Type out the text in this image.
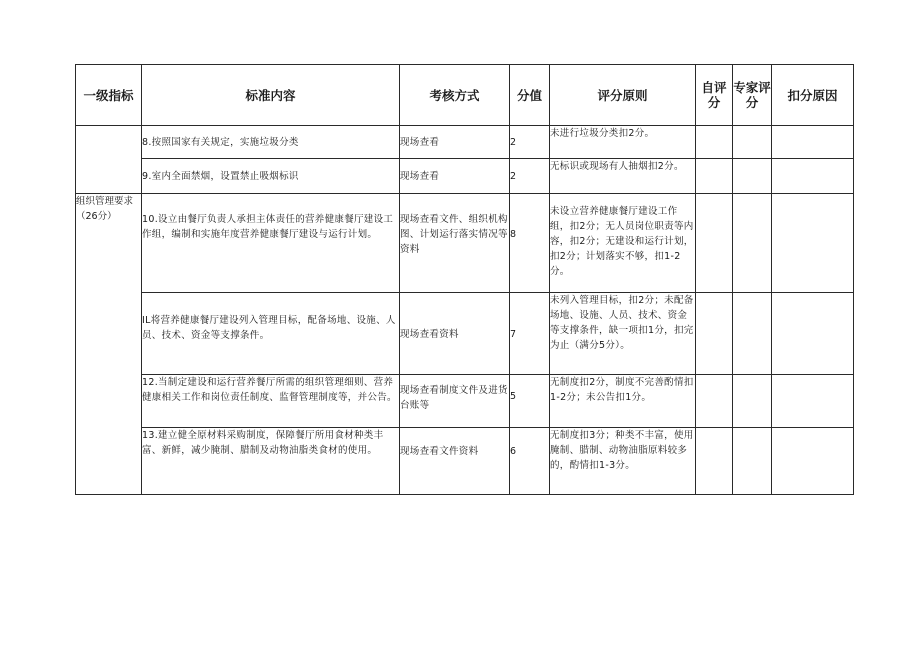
一级指标	标准内容	考核方式	分值	评分原则	自评分	专家评分	扣分原因
	8.按照国家有关规定，实施垃圾分类	现场查看	2	未进行垃圾分类扣2分。			
	9.室内全面禁烟，设置禁止吸烟标识	现场查看	2	无标识或现场有人抽烟扣2分。			
组织管理要求（26分）	10.设立由餐厅负责人承担主体责任的营养健康餐厅建设工作组，编制和实施年度营养健康餐厅建设与运行计划。	现场查看文件、组织机构图、计划运行落实情况等资料	8	未设立营养健康餐厅建设工作组，扣2分；无人员岗位职责等内容，扣2分；无建设和运行计划，扣2分；计划落实不够，扣1-2分。			
	IL将营养健康餐厅建设列入管理目标，配备场地、设施、人员、技术、资金等支撑条件。	现场查看资料	7	未列入管理目标，扣2分；未配备场地、设施、人员、技术、资金等支撑条件，缺一项扣1分，扣完为止（满分5分）。			
	12.当制定建设和运行营养餐厅所需的组织管理细则、营养健康相关工作和岗位责任制度、监督管理制度等，并公告。	现场查看制度文件及进货台账等	5	无制度扣2分，制度不完善酌情扣1-2分；未公告扣1分。			
	13.建立健全原材料采购制度，保障餐厅所用食材种类丰富、新鲜，减少腌制、腊制及动物油脂类食材的使用。	现场查看文件资料	6	无制度扣3分；种类不丰富，使用腌制、腊制、动物油脂原料较多的，酌情扣1-3分。			
